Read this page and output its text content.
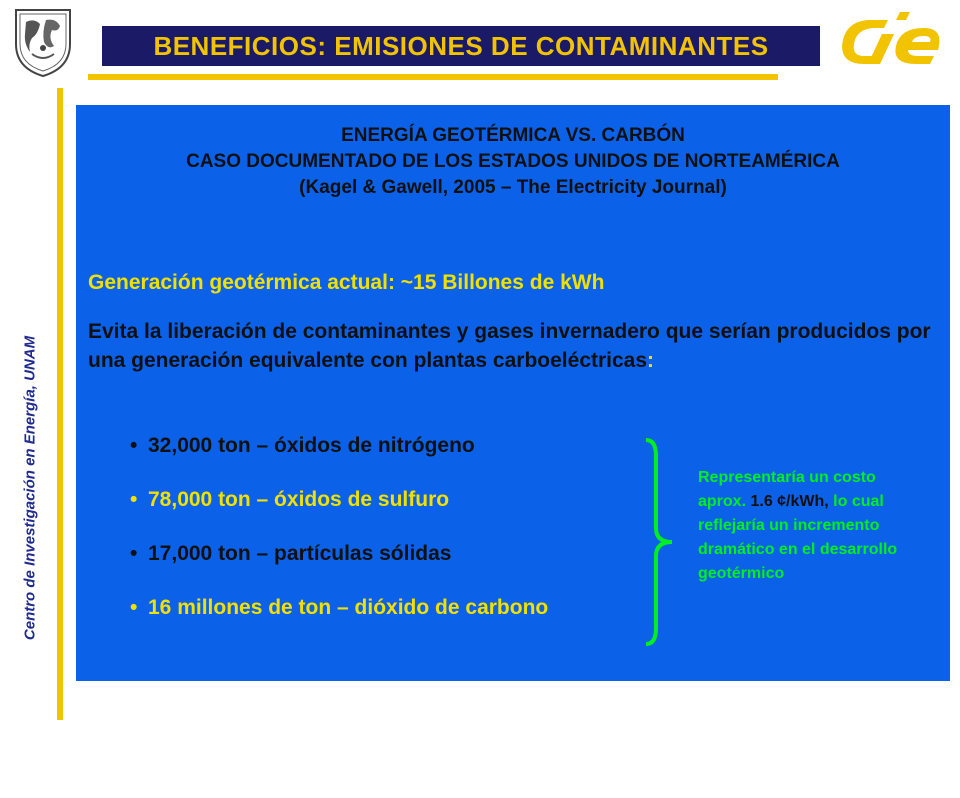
Centro de Investigación en Energía, UNAM
BENEFICIOS: EMISIONES DE CONTAMINANTES
ENERGÍA GEOTÉRMICA VS. CARBÓN
CASO DOCUMENTADO DE LOS ESTADOS UNIDOS DE NORTEAMÉRICA
(Kagel & Gawell, 2005 – The Electricity Journal)
Generación geotérmica actual: ~15 Billones de kWh
Evita la liberación de contaminantes y gases invernadero que serían producidos por una generación equivalente con plantas carboeléctricas:
• 32,000 ton – óxidos de nitrógeno
• 78,000 ton – óxidos de sulfuro
• 17,000 ton – partículas sólidas
• 16 millones de ton – dióxido de carbono
Representaría un costo aprox. 1.6 ¢/kWh, lo cual reflejaría un incremento dramático en el desarrollo geotérmico
